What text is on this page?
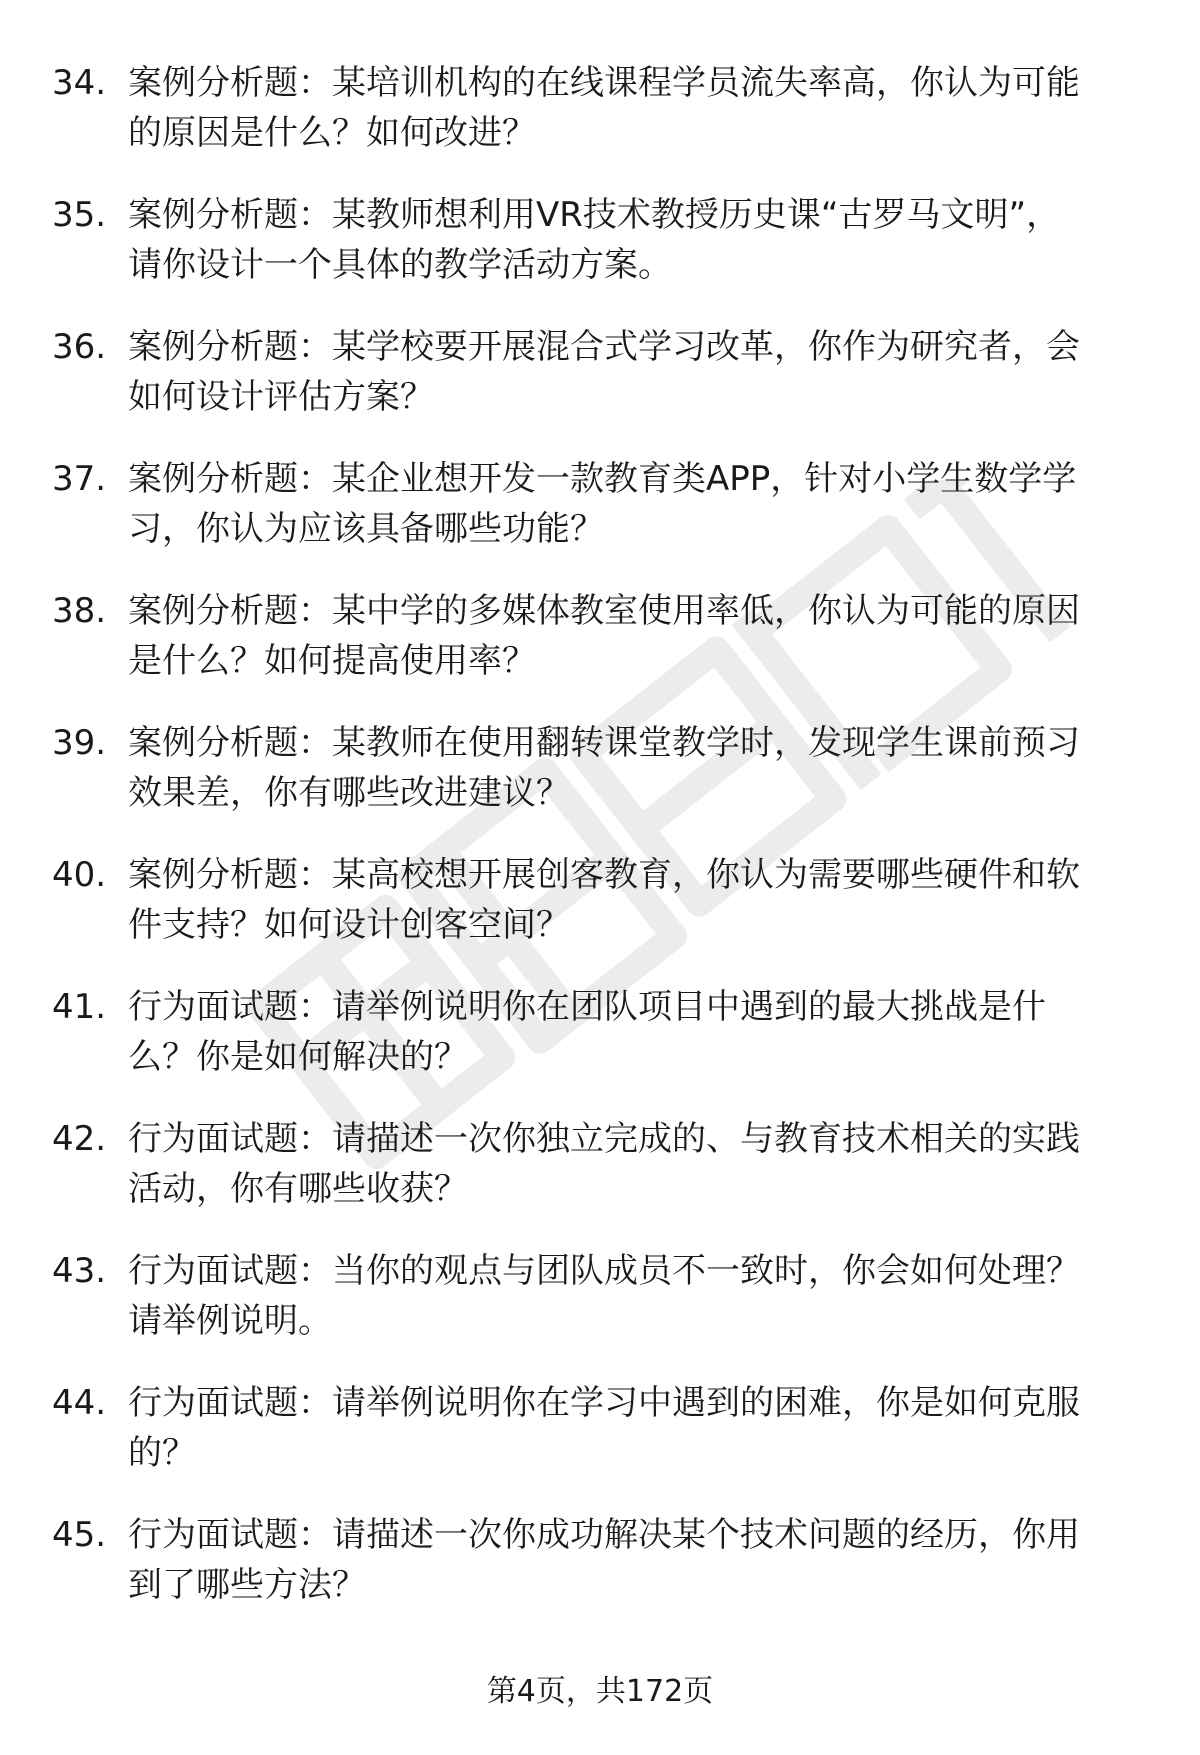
34. 案例分析题：某培训机构的在线课程学员流失率高，你认为可能
的原因是什么？如何改进？
35. 案例分析题：某教师想利用VR技术教授历史课“古罗马文明”，
请你设计一个具体的教学活动方案。
36. 案例分析题：某学校要开展混合式学习改革，你作为研究者，会
如何设计评估方案？
37. 案例分析题：某企业想开发一款教育类APP，针对小学生数学学
习，你认为应该具备哪些功能？
38. 案例分析题：某中学的多媒体教室使用率低，你认为可能的原因
是什么？如何提高使用率？
39. 案例分析题：某教师在使用翻转课堂教学时，发现学生课前预习
效果差，你有哪些改进建议？
40. 案例分析题：某高校想开展创客教育，你认为需要哪些硬件和软
件支持？如何设计创客空间？
41. 行为面试题：请举例说明你在团队项目中遇到的最大挑战是什
么？你是如何解决的？
42. 行为面试题：请描述一次你独立完成的、与教育技术相关的实践
活动，你有哪些收获？
43. 行为面试题：当你的观点与团队成员不一致时，你会如何处理？
请举例说明。
44. 行为面试题：请举例说明你在学习中遇到的困难，你是如何克服
的？
45. 行为面试题：请描述一次你成功解决某个技术问题的经历，你用
到了哪些方法？
第4页，共172页
